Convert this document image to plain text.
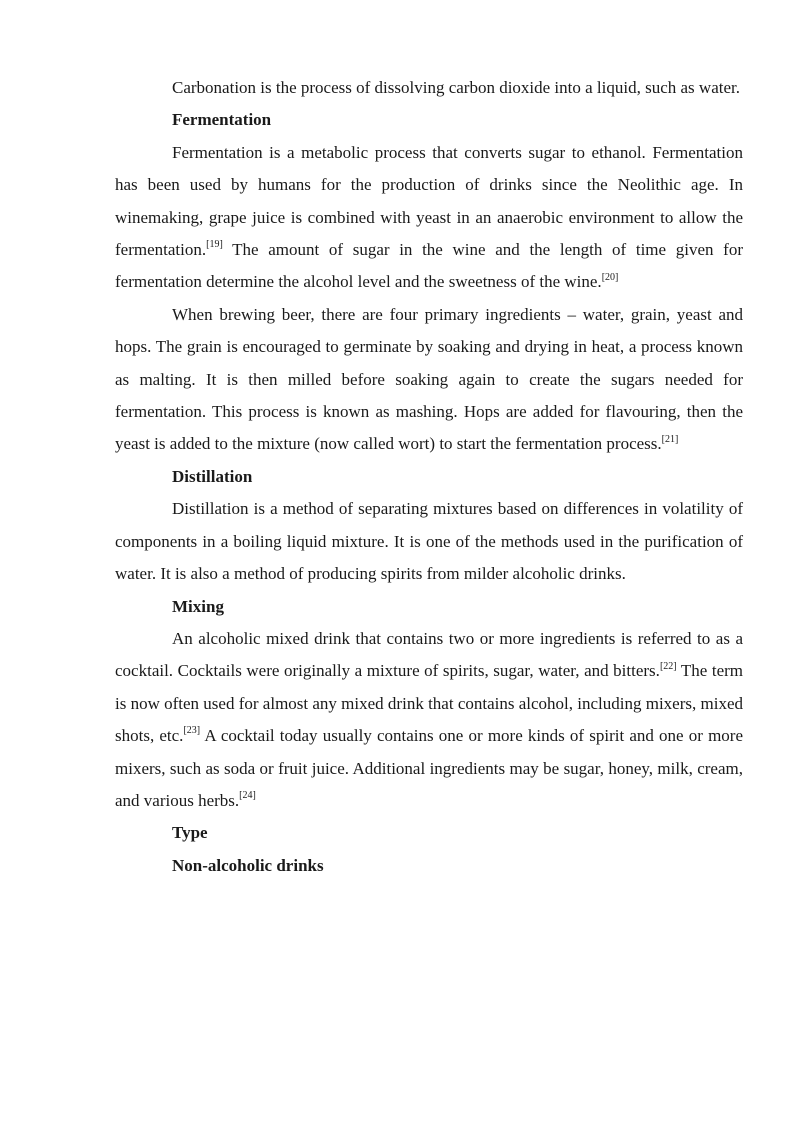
Carbonation is the process of dissolving carbon dioxide into a liquid, such as water.

Fermentation

Fermentation is a metabolic process that converts sugar to ethanol. Fermentation has been used by humans for the production of drinks since the Neolithic age. In winemaking, grape juice is combined with yeast in an anaerobic environment to allow the fermentation.[19] The amount of sugar in the wine and the length of time given for fermentation determine the alcohol level and the sweetness of the wine.[20]

When brewing beer, there are four primary ingredients – water, grain, yeast and hops. The grain is encouraged to germinate by soaking and drying in heat, a process known as malting. It is then milled before soaking again to create the sugars needed for fermentation. This process is known as mashing. Hops are added for flavouring, then the yeast is added to the mixture (now called wort) to start the fermentation process.[21]

Distillation

Distillation is a method of separating mixtures based on differences in volatility of components in a boiling liquid mixture. It is one of the methods used in the purification of water. It is also a method of producing spirits from milder alcoholic drinks.

Mixing

An alcoholic mixed drink that contains two or more ingredients is referred to as a cocktail. Cocktails were originally a mixture of spirits, sugar, water, and bitters.[22] The term is now often used for almost any mixed drink that contains alcohol, including mixers, mixed shots, etc.[23] A cocktail today usually contains one or more kinds of spirit and one or more mixers, such as soda or fruit juice. Additional ingredients may be sugar, honey, milk, cream, and various herbs.[24]

Type

Non-alcoholic drinks
